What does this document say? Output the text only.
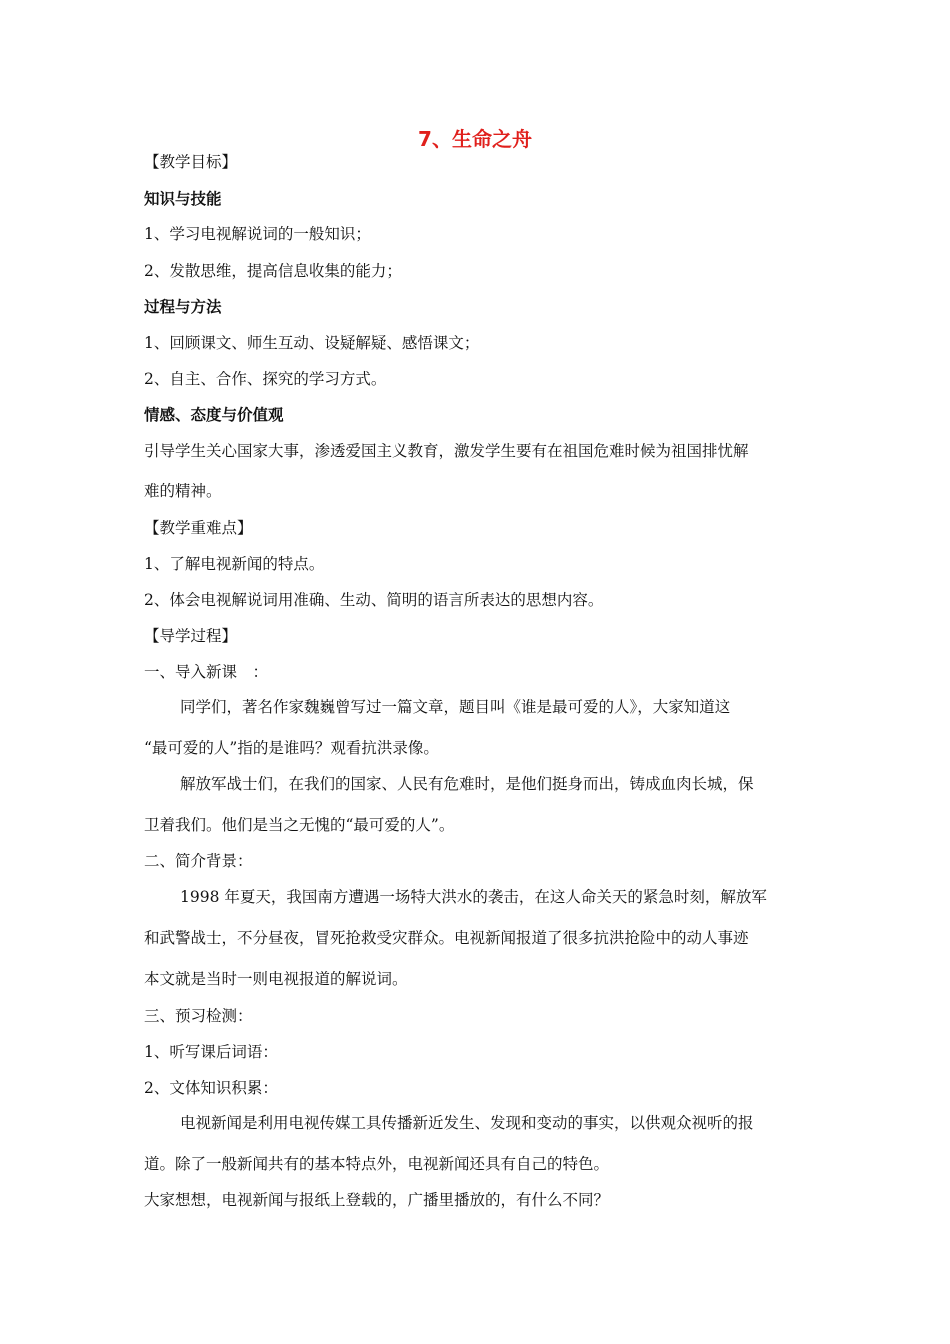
7、生命之舟
【教学目标】
知识与技能
1、学习电视解说词的一般知识；
2、发散思维，提高信息收集的能力；
过程与方法
1、回顾课文、师生互动、设疑解疑、感悟课文；
2、自主、合作、探究的学习方式。
情感、态度与价值观
引导学生关心国家大事，渗透爱国主义教育，激发学生要有在祖国危难时候为祖国排忧解
难的精神。
【教学重难点】
1、了解电视新闻的特点。
2、体会电视解说词用准确、生动、简明的语言所表达的思想内容。
【导学过程】
一、导入新课　：
同学们，著名作家魏巍曾写过一篇文章，题目叫《谁是最可爱的人》，大家知道这
“最可爱的人”指的是谁吗？观看抗洪录像。
解放军战士们，在我们的国家、人民有危难时，是他们挺身而出，铸成血肉长城，保
卫着我们。他们是当之无愧的“最可爱的人”。
二、简介背景：
1998 年夏天，我国南方遭遇一场特大洪水的袭击，在这人命关天的紧急时刻，解放军
和武警战士，不分昼夜，冒死抢救受灾群众。电视新闻报道了很多抗洪抢险中的动人事迹
本文就是当时一则电视报道的解说词。
三、预习检测：
1、听写课后词语：
2、文体知识积累：
电视新闻是利用电视传媒工具传播新近发生、发现和变动的事实，以供观众视听的报
道。除了一般新闻共有的基本特点外，电视新闻还具有自己的特色。
大家想想，电视新闻与报纸上登载的，广播里播放的，有什么不同？
